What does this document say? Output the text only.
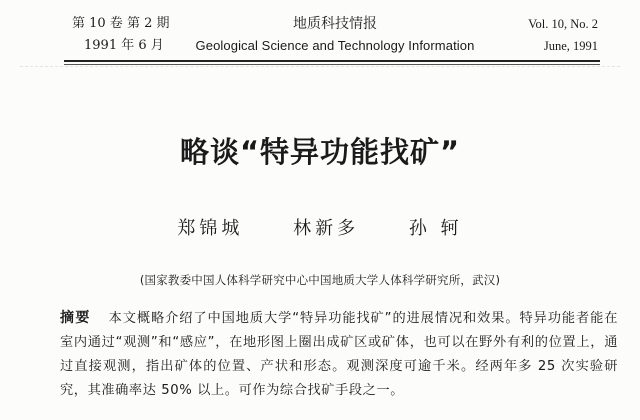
第 10 卷 第 2 期	地质科技情报	Vol. 10, No. 2
1991 年 6 月	Geological Science and Technology Information	June, 1991
略谈“特异功能找矿”
郑锦城	林新多	孙 轲
(国家教委中国人体科学研究中心中国地质大学人体科学研究所，武汉)
摘要 本文概略介绍了中国地质大学“特异功能找矿”的进展情况和效果。特异功能者能在室内通过“观测”和“感应”，在地形图上圈出成矿区或矿体，也可以在野外有利的位置上，通过直接观测，指出矿体的位置、产状和形态。观测深度可逾千米。经两年多 25 次实验研究，其准确率达 50% 以上。可作为综合找矿手段之一。
